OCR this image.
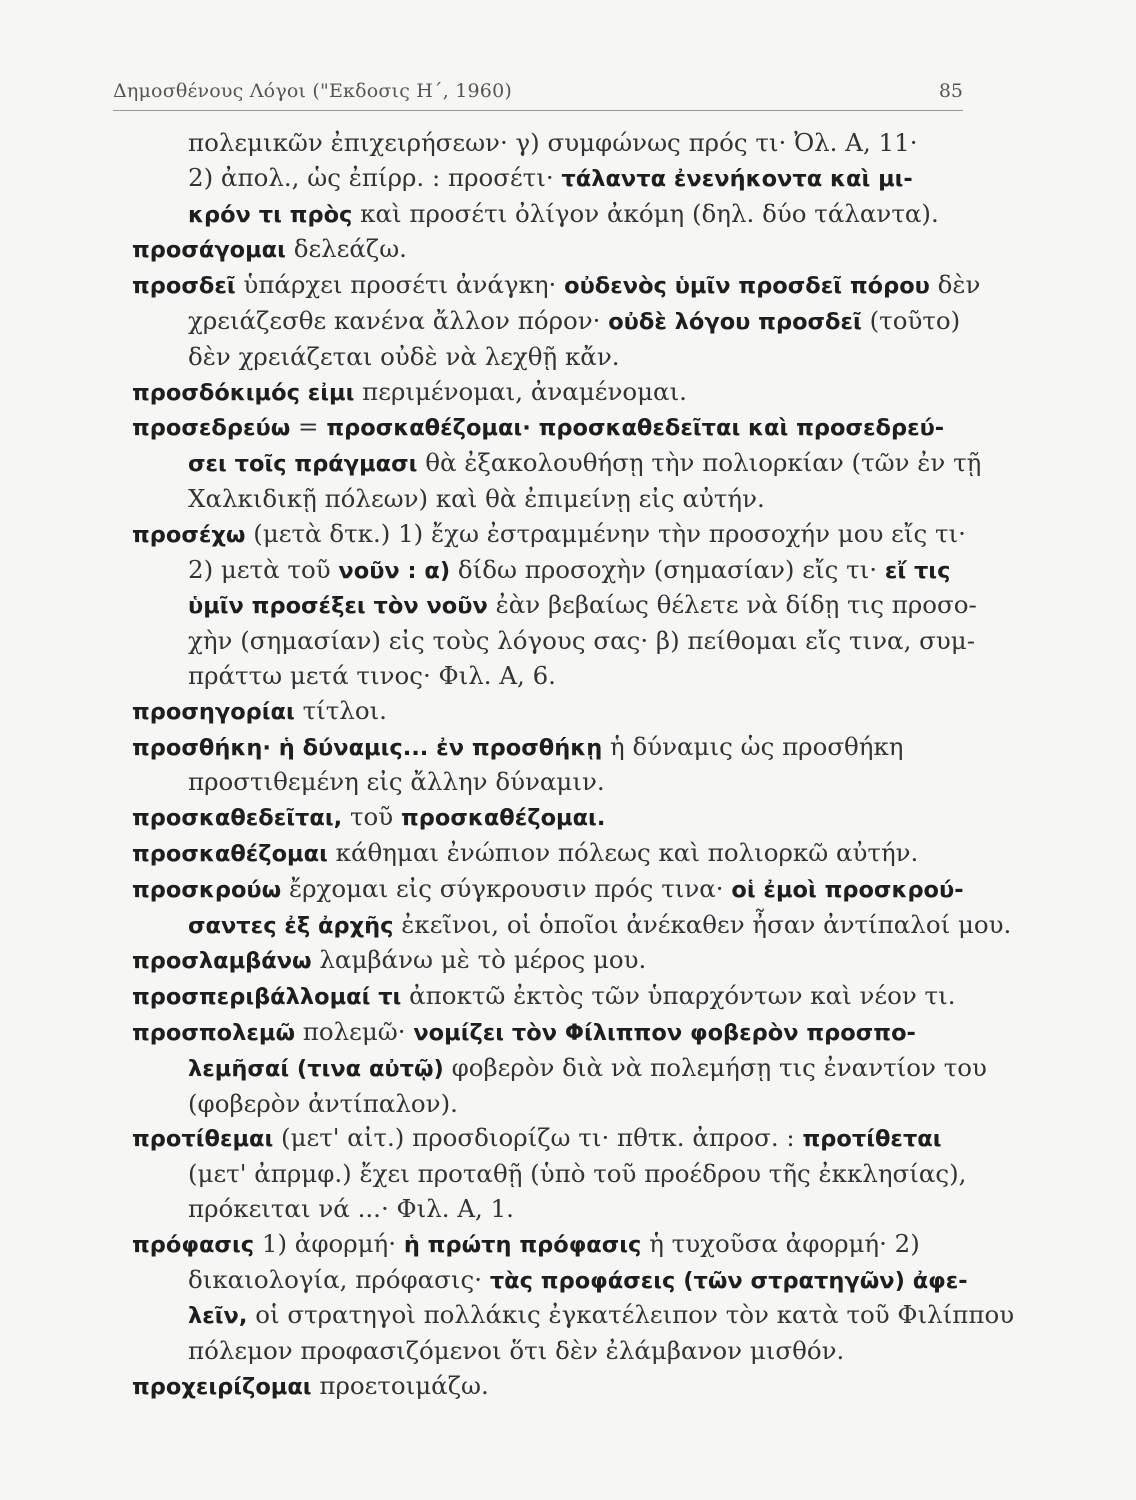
Δημοσθένους Λόγοι ("Εκδοσις Η΄, 1960)	85
πολεμικῶν ἐπιχειρήσεων· γ) συμφώνως πρός τι· Ὀλ. Α, 11·
2) ἀπολ., ὡς ἐπίρρ. : προσέτι· τάλαντα ἐνενήκοντα καὶ μι-
κρόν τι πρὸς καὶ προσέτι ὀλίγον ἀκόμη (δηλ. δύο τάλαντα).
προσάγομαι δελεάζω.
προσδεῖ ὑπάρχει προσέτι ἀνάγκη· οὐδενὸς ὑμῖν προσδεῖ πόρου δὲν
χρειάζεσθε κανένα ἄλλον πόρον· οὐδὲ λόγου προσδεῖ (τοῦτο)
δὲν χρειάζεται οὐδὲ νὰ λεχθῇ κἄν.
προσδόκιμός εἰμι περιμένομαι, ἀναμένομαι.
προσεδρεύω = προσκαθέζομαι· προσκαθεδεῖται καὶ προσεδρεύ-
σει τοῖς πράγμασι θὰ ἐξακολουθήσῃ τὴν πολιορκίαν (τῶν ἐν τῇ
Χαλκιδικῇ πόλεων) καὶ θὰ ἐπιμείνῃ εἰς αὐτήν.
προσέχω (μετὰ δτκ.) 1) ἔχω ἐστραμμένην τὴν προσοχήν μου εἴς τι·
2) μετὰ τοῦ νοῦν : α) δίδω προσοχὴν (σημασίαν) εἴς τι· εἴ τις
ὑμῖν προσέξει τὸν νοῦν ἐὰν βεβαίως θέλετε νὰ δίδῃ τις προσο-
χὴν (σημασίαν) εἰς τοὺς λόγους σας· β) πείθομαι εἴς τινα, συμ-
πράττω μετά τινος· Φιλ. Α, 6.
προσηγορίαι τίτλοι.
προσθήκη· ἡ δύναμις... ἐν προσθήκῃ ἡ δύναμις ὡς προσθήκη
προστιθεμένη εἰς ἄλλην δύναμιν.
προσκαθεδεῖται, τοῦ προσκαθέζομαι.
προσκαθέζομαι κάθημαι ἐνώπιον πόλεως καὶ πολιορκῶ αὐτήν.
προσκρούω ἔρχομαι εἰς σύγκρουσιν πρός τινα· οἱ ἐμοὶ προσκρού-
σαντες ἐξ ἀρχῆς ἐκεῖνοι, οἱ ὁποῖοι ἀνέκαθεν ἦσαν ἀντίπαλοί μου.
προσλαμβάνω λαμβάνω μὲ τὸ μέρος μου.
προσπεριβάλλομαί τι ἀποκτῶ ἐκτὸς τῶν ὑπαρχόντων καὶ νέον τι.
προσπολεμῶ πολεμῶ· νομίζει τὸν Φίλιππον φοβερὸν προσπο-
λεμῆσαί (τινα αὐτῷ) φοβερὸν διὰ νὰ πολεμήσῃ τις ἐναντίον του
(φοβερὸν ἀντίπαλον).
προτίθεμαι (μετ' αἰτ.) προσδιορίζω τι· πθτκ. ἀπροσ. : προτίθεται
(μετ' ἀπρμφ.) ἔχει προταθῇ (ὑπὸ τοῦ προέδρου τῆς ἐκκλησίας),
πρόκειται νά ...· Φιλ. Α, 1.
πρόφασις 1) ἀφορμή· ἡ πρώτη πρόφασις ἡ τυχοῦσα ἀφορμή· 2)
δικαιολογία, πρόφασις· τὰς προφάσεις (τῶν στρατηγῶν) ἀφε-
λεῖν, οἱ στρατηγοὶ πολλάκις ἐγκατέλειπον τὸν κατὰ τοῦ Φιλίππου
πόλεμον προφασιζόμενοι ὅτι δὲν ἐλάμβανον μισθόν.
προχειρίζομαι προετοιμάζω.
